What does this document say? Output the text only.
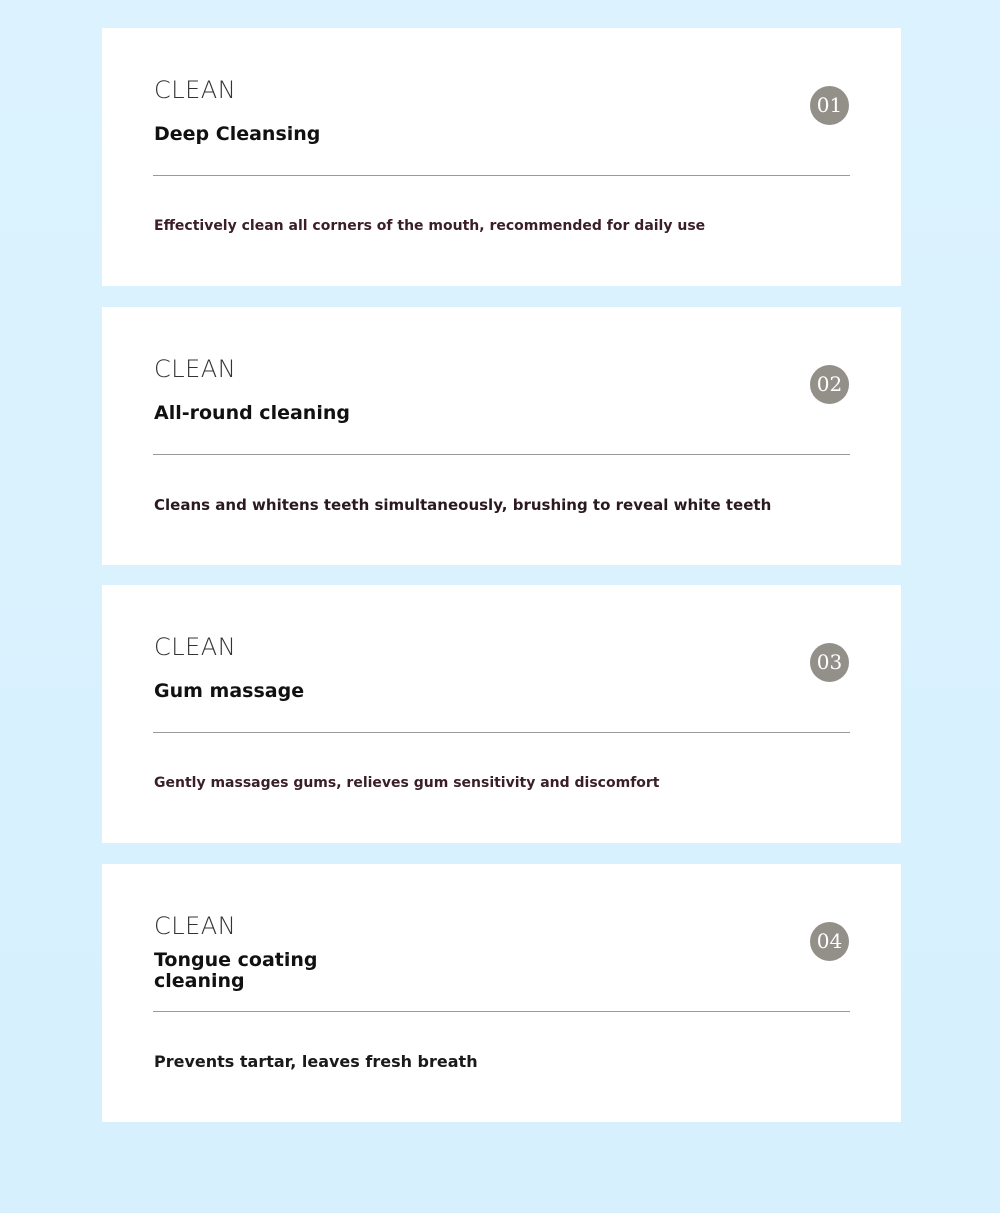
CLEAN
Deep Cleansing
01
Effectively clean all corners of the mouth, recommended for daily use
CLEAN
All-round cleaning
02
Cleans and whitens teeth simultaneously, brushing to reveal white teeth
CLEAN
Gum massage
03
Gently massages gums, relieves gum sensitivity and discomfort
CLEAN
Tongue coating cleaning
04
Prevents tartar, leaves fresh breath
